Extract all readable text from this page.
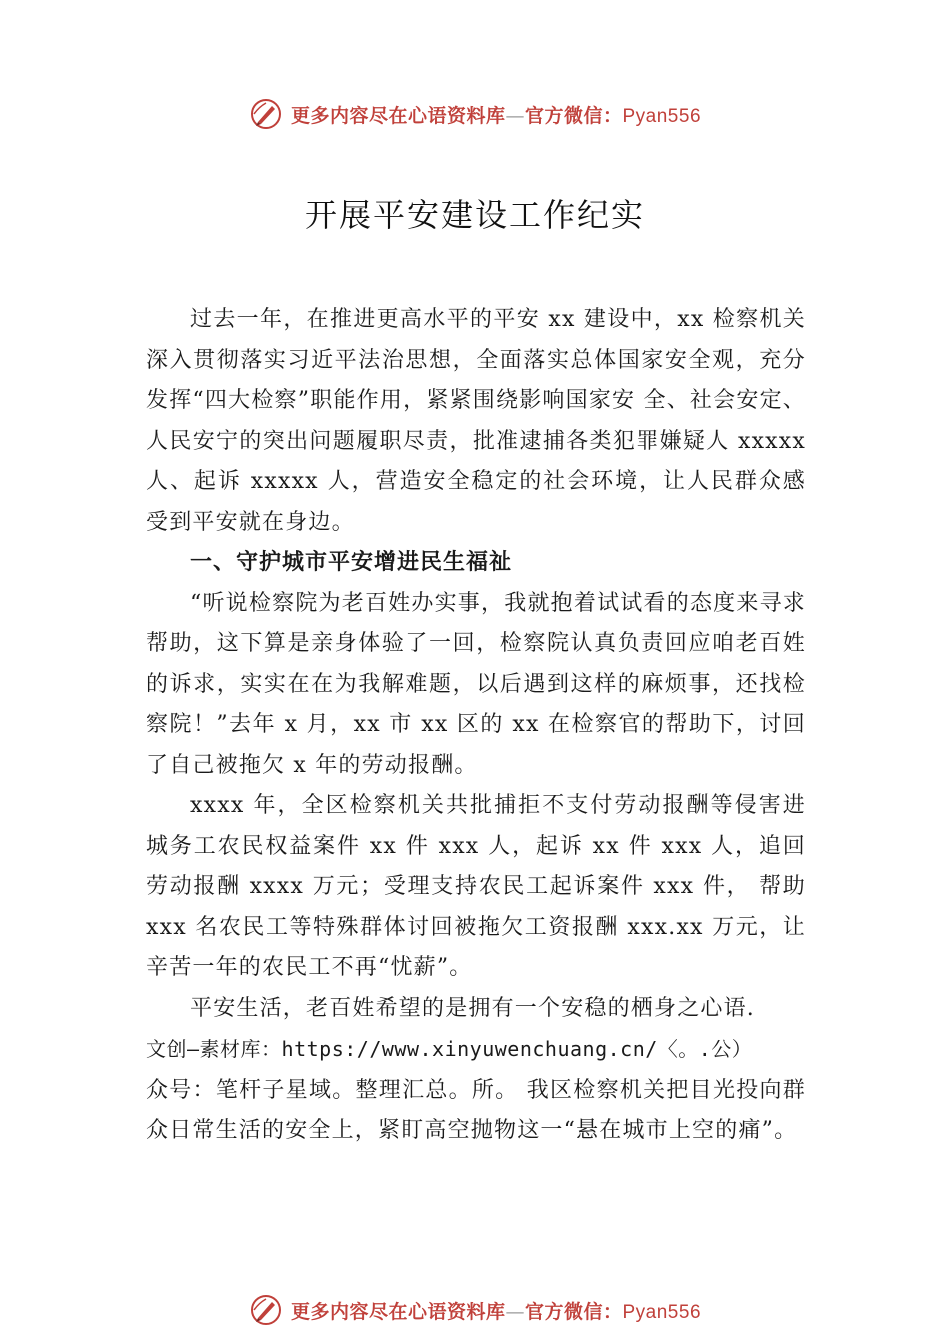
更多内容尽在心语资料库—官方微信：Pyan556
开展平安建设工作纪实

过去一年，在推进更高水平的平安 xx 建设中，xx 检察机关深入贯彻落实习近平法治思想，全面落实总体国家安全观，充分发挥“四大检察”职能作用，紧紧围绕影响国家安 全、社会安定、人民安宁的突出问题履职尽责，批准逮捕各类犯罪嫌疑人 xxxxx 人、起诉 xxxxx 人，营造安全稳定的社会环境，让人民群众感受到平安就在身边。

一、守护城市平安增进民生福祉

“听说检察院为老百姓办实事，我就抱着试试看的态度来寻求帮助，这下算是亲身体验了一回，检察院认真负责回应咱老百姓的诉求，实实在在为我解难题，以后遇到这样的麻烦事，还找检察院！”去年 x 月，xx 市 xx 区的 xx 在检察官的帮助下，讨回了自己被拖欠 x 年的劳动报酬。

xxxx 年，全区检察机关共批捕拒不支付劳动报酬等侵害进城务工农民权益案件 xx 件 xxx 人，起诉 xx 件 xxx 人，追回劳动报酬 xxxx 万元；受理支持农民工起诉案件 xxx 件， 帮助 xxx 名农民工等特殊群体讨回被拖欠工资报酬 xxx.xx 万元，让辛苦一年的农民工不再“忧薪”。

平安生活，老百姓希望的是拥有一个安稳的栖身之心语.
文创—素材库：https://www.xinyuwenchuang.cn/〈。.公）
众号：笔杆子星域。整理汇总。所。 我区检察机关把目光投向群众日常生活的安全上，紧盯高空抛物这一“悬在城市上空的痛”。

更多内容尽在心语资料库—官方微信：Pyan556
